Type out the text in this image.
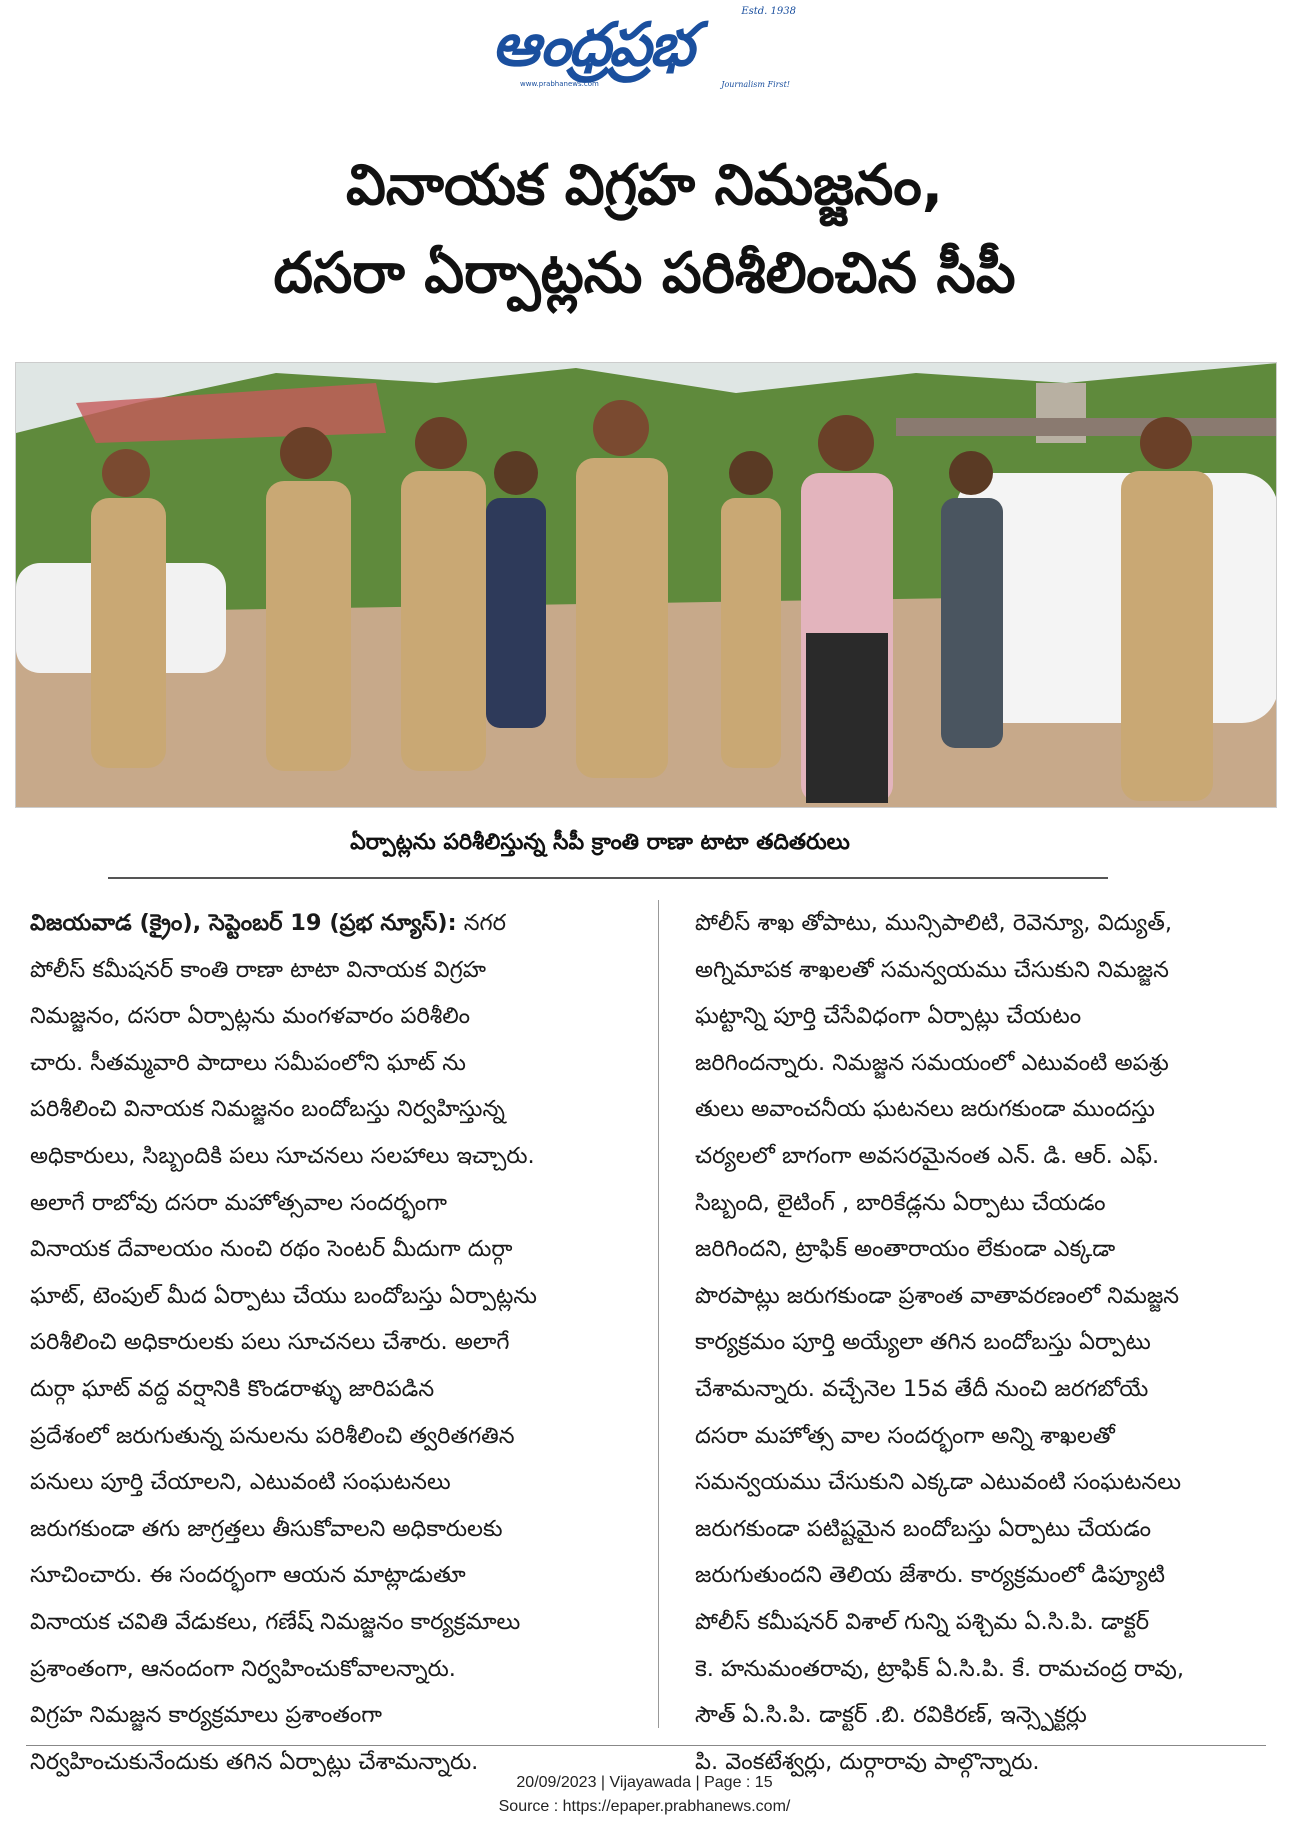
ఆంధ్రప్రభ	Estd. 1938
www.prabhanews.com	Journalism First!
వినాయక విగ్రహ నిమజ్జనం,
దసరా ఏర్పాట్లను పరిశీలించిన సీపీ
ఏర్పాట్లను పరిశీలిస్తున్న సీపీ క్రాంతి రాణా టాటా తదితరులు

విజయవాడ (క్రైం), సెప్టెంబర్ 19 (ప్రభ న్యూస్): నగర

పోలీస్ కమీషనర్ కాంతి రాణా టాటా వినాయక విగ్రహ

నిమజ్జనం, దసరా ఏర్పాట్లను మంగళవారం పరిశీలిం

చారు. సీతమ్మవారి పాదాలు సమీపంలోని ఘాట్ ను

పరిశీలించి వినాయక నిమజ్జనం బందోబస్తు నిర్వహిస్తున్న

అధికారులు, సిబ్బందికి పలు సూచనలు సలహాలు ఇచ్చారు.

అలాగే రాబోవు దసరా మహోత్సవాల సందర్భంగా

వినాయక దేవాలయం నుంచి రథం సెంటర్ మీదుగా దుర్గా

ఘాట్, టెంపుల్ మీద ఏర్పాటు చేయు బందోబస్తు ఏర్పాట్లను

పరిశీలించి అధికారులకు పలు సూచనలు చేశారు. అలాగే

దుర్గా ఘాట్ వద్ద వర్షానికి కొండరాళ్ళు జారిపడిన

ప్రదేశంలో జరుగుతున్న పనులను పరిశీలించి త్వరితగతిన

పనులు పూర్తి చేయాలని, ఎటువంటి సంఘటనలు

జరుగకుండా తగు జాగ్రత్తలు తీసుకోవాలని అధికారులకు

సూచించారు. ఈ సందర్భంగా ఆయన మాట్లాడుతూ

వినాయక చవితి వేడుకలు, గణేష్ నిమజ్జనం కార్యక్రమాలు

ప్రశాంతంగా, ఆనందంగా నిర్వహించుకోవాలన్నారు.

విగ్రహ నిమజ్జన కార్యక్రమాలు ప్రశాంతంగా

నిర్వహించుకునేందుకు తగిన ఏర్పాట్లు చేశామన్నారు.

పోలీస్ శాఖ తోపాటు, మున్సిపాలిటి, రెవెన్యూ, విద్యుత్,

అగ్నిమాపక శాఖలతో సమన్వయము చేసుకుని నిమజ్జన

ఘట్టాన్ని పూర్తి చేసేవిధంగా ఏర్పాట్లు చేయటం

జరిగిందన్నారు. నిమజ్జన సమయంలో ఎటువంటి అపశ్రు

తులు అవాంచనీయ ఘటనలు జరుగకుండా ముందస్తు

చర్యలలో బాగంగా అవసరమైనంత ఎన్. డి. ఆర్. ఎఫ్.

సిబ్బంది, లైటింగ్ , బారికేడ్లను ఏర్పాటు చేయడం

జరిగిందని, ట్రాఫిక్ అంతారాయం లేకుండా ఎక్కడా

పొరపాట్లు జరుగకుండా ప్రశాంత వాతావరణంలో నిమజ్జన

కార్యక్రమం పూర్తి అయ్యేలా తగిన బందోబస్తు ఏర్పాటు

చేశామన్నారు. వచ్చేనెల 15వ తేదీ నుంచి జరగబోయే

దసరా మహోత్స వాల సందర్భంగా అన్ని శాఖలతో

సమన్వయము చేసుకుని ఎక్కడా ఎటువంటి సంఘటనలు

జరుగకుండా పటిష్టమైన బందోబస్తు ఏర్పాటు చేయడం

జరుగుతుందని తెలియ జేశారు. కార్యక్రమంలో డిప్యూటి

పోలీస్ కమీషనర్ విశాల్ గున్ని పశ్చిమ ఏ.సి.పి. డాక్టర్

కె. హనుమంతరావు, ట్రాఫిక్ ఏ.సి.పి. కే. రామచంద్ర రావు,

సౌత్ ఏ.సి.పి. డాక్టర్ .బి. రవికిరణ్, ఇన్స్పెక్టర్లు

పి. వెంకటేశ్వర్లు, దుర్గారావు పాల్గొన్నారు.

20/09/2023 | Vijayawada | Page : 15
Source : https://epaper.prabhanews.com/
